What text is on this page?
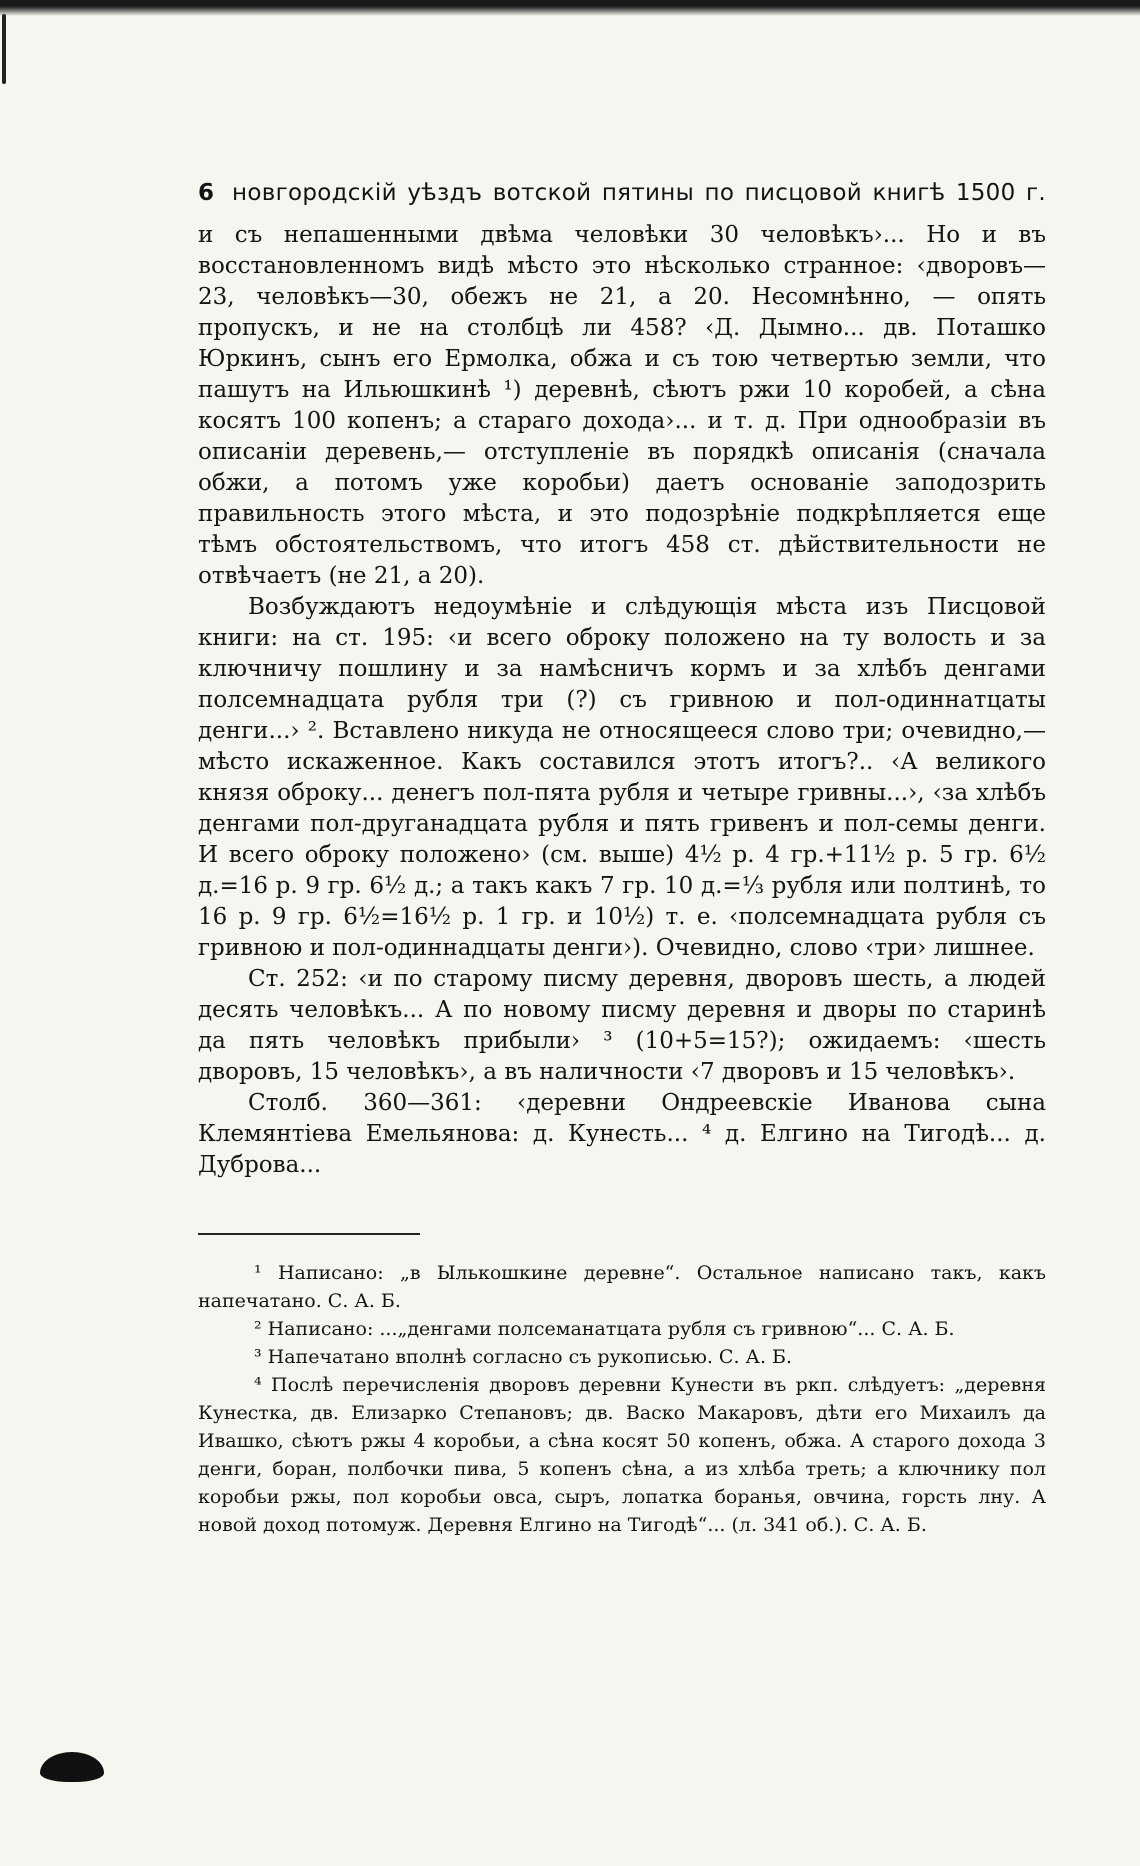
6 новгородскій уѣздъ вотской пятины по писцовой книгѣ 1500 г.

и съ непашенными двѣма человѣки 30 человѣкъ›... Но и въ восстановленномъ видѣ мѣсто это нѣсколько странное: ‹дворовъ—23, человѣкъ—30, обежъ не 21, а 20. Несомнѣнно, — опять пропускъ, и не на столбцѣ ли 458? ‹Д. Дымно... дв. Поташко Юркинъ, сынъ его Ермолка, обжа и съ тою четвертью земли, что пашутъ на Ильюшкинѣ ¹) деревнѣ, сѣютъ ржи 10 коробей, а сѣна косятъ 100 копенъ; а стараго дохода›... и т. д. При однообразіи въ описаніи деревень,— отступленіе въ порядкѣ описанія (сначала обжи, а потомъ уже коробьи) даетъ основаніе заподозрить правильность этого мѣста, и это подозрѣніе подкрѣпляется еще тѣмъ обстоятельствомъ, что итогъ 458 ст. дѣйствительности не отвѣчаетъ (не 21, а 20).

Возбуждаютъ недоумѣніе и слѣдующія мѣста изъ Писцовой книги: на ст. 195: ‹и всего оброку положено на ту волость и за ключничу пошлину и за намѣсничъ кормъ и за хлѣбъ денгами полсемнадцата рубля три (?) съ гривною и пол-одиннатцаты денги...› ². Вставлено никуда не относящееся слово три; очевидно,—мѣсто искаженное. Какъ составился этотъ итогъ?.. ‹А великого князя оброку... денегъ пол-пята рубля и четыре гривны...›, ‹за хлѣбъ денгами пол-друганадцата рубля и пять гривенъ и пол-семы денги. И всего оброку положено› (см. выше) 4½ р. 4 гр.+11½ р. 5 гр. 6½ д.=16 р. 9 гр. 6½ д.; а такъ какъ 7 гр. 10 д.=⅓ рубля или полтинѣ, то 16 р. 9 гр. 6½=16½ р. 1 гр. и 10½) т. е. ‹полсемнадцата рубля съ гривною и пол-одиннадцаты денги›). Очевидно, слово ‹три› лишнее.

Ст. 252: ‹и по старому писму деревня, дворовъ шесть, а людей десять человѣкъ... А по новому писму деревня и дворы по старинѣ да пять человѣкъ прибыли› ³ (10+5=15?); ожидаемъ: ‹шесть дворовъ, 15 человѣкъ›, а въ наличности ‹7 дворовъ и 15 человѣкъ›.

Столб. 360—361: ‹деревни Ондреевскіе Иванова сына Клемянтіева Емельянова: д. Кунесть... ⁴ д. Елгино на Тигодѣ... д. Дуброва...

¹ Написано: „в Ылькошкине деревне“. Остальное написано такъ, какъ напечатано. С. А. Б.

² Написано: ...„денгами полсеманатцата рубля съ гривною“... С. А. Б.

³ Напечатано вполнѣ согласно съ рукописью. С. А. Б.

⁴ Послѣ перечисленія дворовъ деревни Кунести въ ркп. слѣдуетъ: „деревня Кунестка, дв. Елизарко Степановъ; дв. Васко Макаровъ, дѣти его Михаилъ да Ивашко, сѣютъ ржы 4 коробьи, а сѣна косят 50 копенъ, обжа. А старого дохода 3 денги, боран, полбочки пива, 5 копенъ сѣна, а из хлѣба треть; а ключнику пол коробьи ржы, пол коробьи овса, сыръ, лопатка боранья, овчина, горсть лну. А новой доход потомуж. Деревня Елгино на Тигодѣ“... (л. 341 об.). С. А. Б.
